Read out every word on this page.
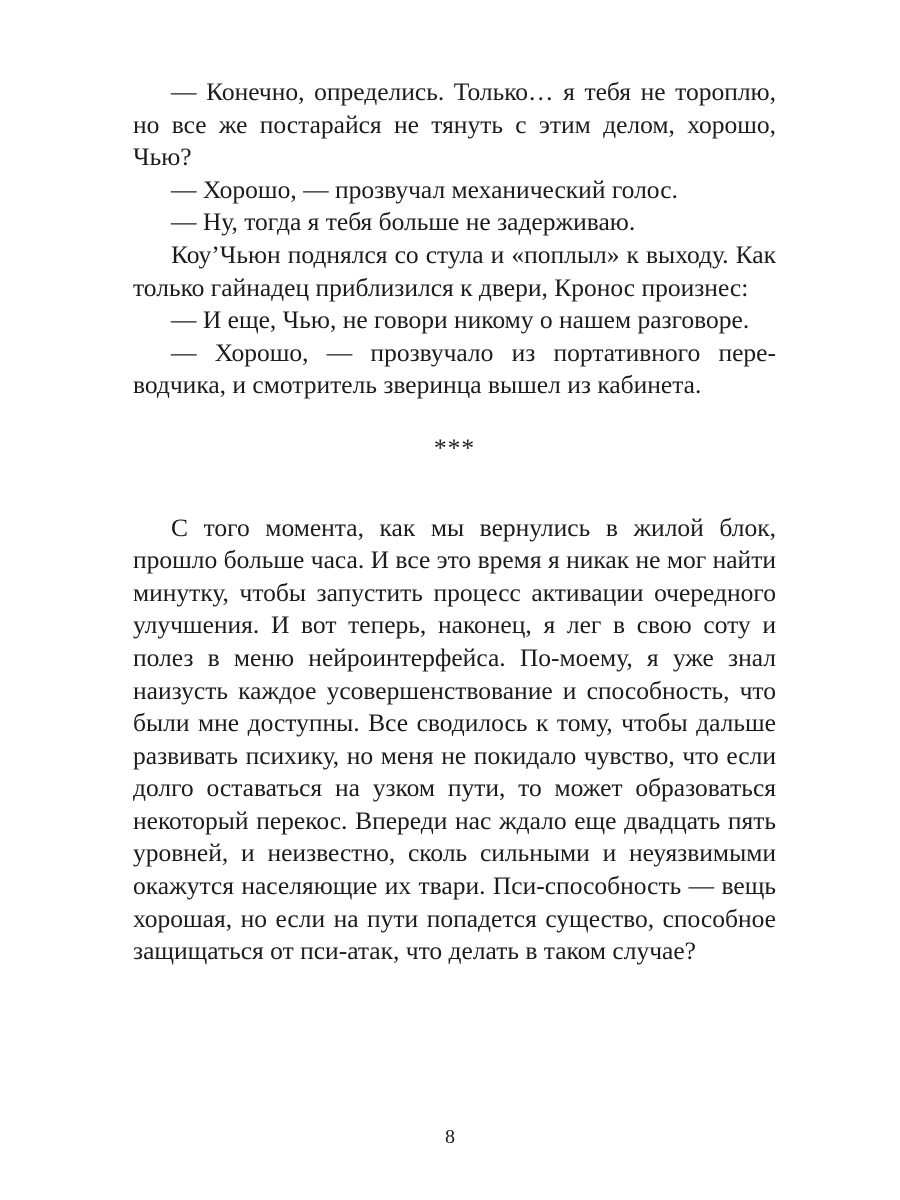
— Конечно, определись. Только… я тебя не тороплю, но все же постарайся не тянуть с этим делом, хорошо, Чью?

— Хорошо, — прозвучал механический голос.

— Ну, тогда я тебя больше не задерживаю.

Коу’Чьюн поднялся со стула и «поплыл» к выходу. Как только гайнадец приблизился к двери, Кронос произнес:

— И еще, Чью, не говори никому о нашем разговоре.

— Хорошо, — прозвучало из портативного переводчика, и смотритель зверинца вышел из кабинета.

***

С того момента, как мы вернулись в жилой блок, прошло больше часа. И все это время я никак не мог найти минутку, чтобы запустить процесс активации очередного улучшения. И вот теперь, наконец, я лег в свою соту и полез в меню нейроинтерфейса. По-моему, я уже знал наизусть каждое усовершенствование и способность, что были мне доступны. Все сводилось к тому, чтобы дальше развивать психику, но меня не покидало чувство, что если долго оставаться на узком пути, то может образоваться некоторый перекос. Впереди нас ждало еще двадцать пять уровней, и неизвестно, сколь сильными и неуязвимыми окажутся населяющие их твари. Пси-способность — вещь хорошая, но если на пути попадется существо, способное защищаться от пси-атак, что делать в таком случае?

8
